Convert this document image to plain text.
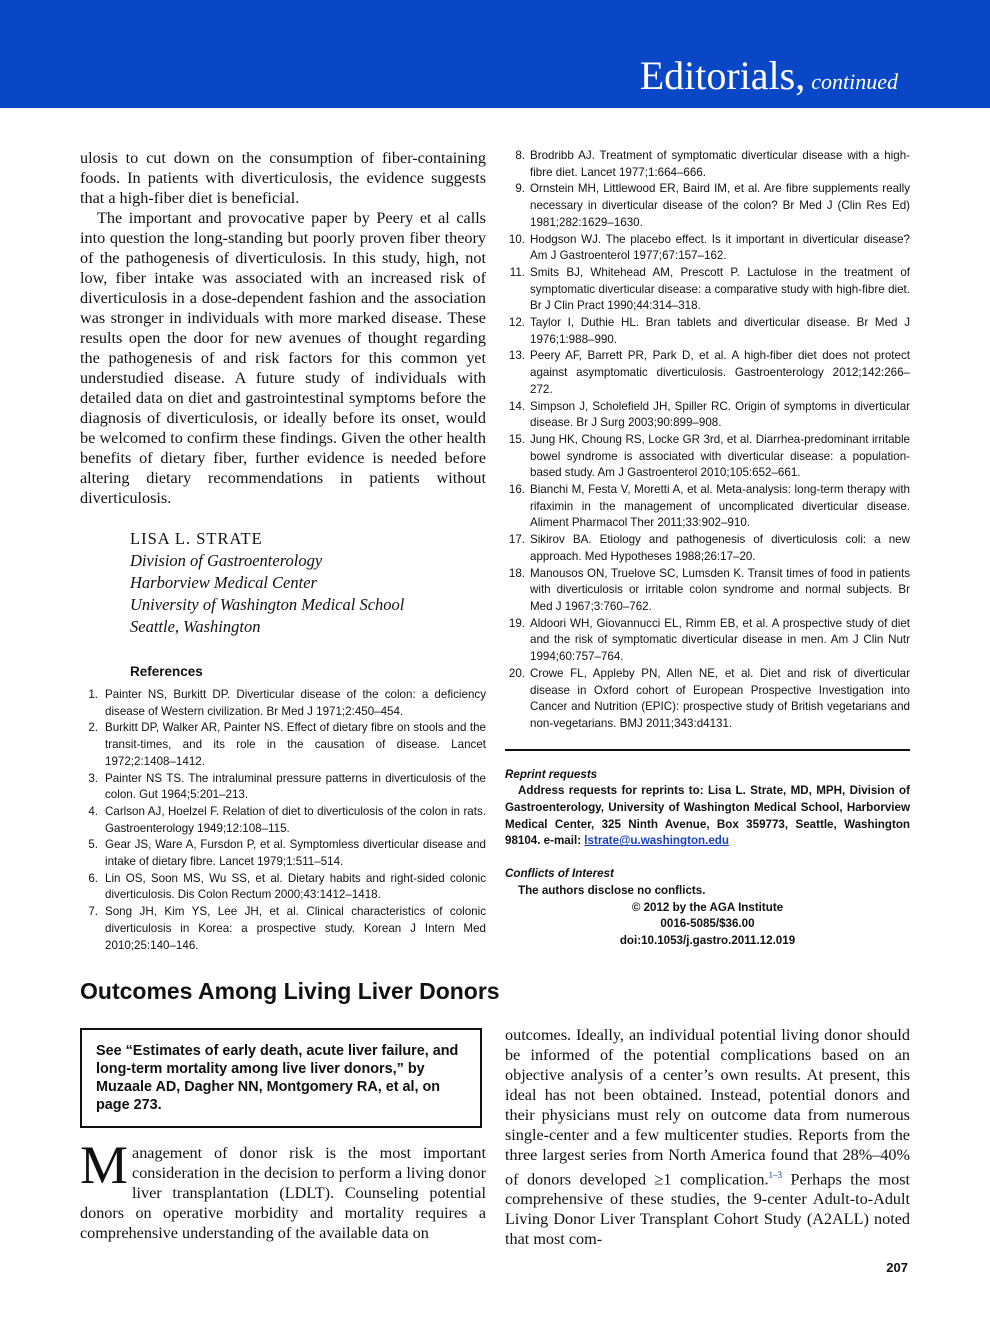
Editorials, continued

ulosis to cut down on the consumption of fiber-containing foods. In patients with diverticulosis, the evidence suggests that a high-fiber diet is beneficial.

The important and provocative paper by Peery et al calls into question the long-standing but poorly proven fiber theory of the pathogenesis of diverticulosis. In this study, high, not low, fiber intake was associated with an increased risk of diverticulosis in a dose-dependent fashion and the association was stronger in individuals with more marked disease. These results open the door for new avenues of thought regarding the pathogenesis of and risk factors for this common yet understudied disease. A future study of individuals with detailed data on diet and gastrointestinal symptoms before the diagnosis of diverticulosis, or ideally before its onset, would be welcomed to confirm these findings. Given the other health benefits of dietary fiber, further evidence is needed before altering dietary recommendations in patients without diverticulosis.

LISA L. STRATE
Division of Gastroenterology
Harborview Medical Center
University of Washington Medical School
Seattle, Washington
References
1. Painter NS, Burkitt DP. Diverticular disease of the colon: a deficiency disease of Western civilization. Br Med J 1971;2:450–454.
2. Burkitt DP, Walker AR, Painter NS. Effect of dietary fibre on stools and the transit-times, and its role in the causation of disease. Lancet 1972;2:1408–1412.
3. Painter NS TS. The intraluminal pressure patterns in diverticulosis of the colon. Gut 1964;5:201–213.
4. Carlson AJ, Hoelzel F. Relation of diet to diverticulosis of the colon in rats. Gastroenterology 1949;12:108–115.
5. Gear JS, Ware A, Fursdon P, et al. Symptomless diverticular disease and intake of dietary fibre. Lancet 1979;1:511–514.
6. Lin OS, Soon MS, Wu SS, et al. Dietary habits and right-sided colonic diverticulosis. Dis Colon Rectum 2000;43:1412–1418.
7. Song JH, Kim YS, Lee JH, et al. Clinical characteristics of colonic diverticulosis in Korea: a prospective study. Korean J Intern Med 2010;25:140–146.
8. Brodribb AJ. Treatment of symptomatic diverticular disease with a high-fibre diet. Lancet 1977;1:664–666.
9. Ornstein MH, Littlewood ER, Baird IM, et al. Are fibre supplements really necessary in diverticular disease of the colon? Br Med J (Clin Res Ed) 1981;282:1629–1630.
10. Hodgson WJ. The placebo effect. Is it important in diverticular disease? Am J Gastroenterol 1977;67:157–162.
11. Smits BJ, Whitehead AM, Prescott P. Lactulose in the treatment of symptomatic diverticular disease: a comparative study with high-fibre diet. Br J Clin Pract 1990;44:314–318.
12. Taylor I, Duthie HL. Bran tablets and diverticular disease. Br Med J 1976;1:988–990.
13. Peery AF, Barrett PR, Park D, et al. A high-fiber diet does not protect against asymptomatic diverticulosis. Gastroenterology 2012;142:266–272.
14. Simpson J, Scholefield JH, Spiller RC. Origin of symptoms in diverticular disease. Br J Surg 2003;90:899–908.
15. Jung HK, Choung RS, Locke GR 3rd, et al. Diarrhea-predominant irritable bowel syndrome is associated with diverticular disease: a population-based study. Am J Gastroenterol 2010;105:652–661.
16. Bianchi M, Festa V, Moretti A, et al. Meta-analysis: long-term therapy with rifaximin in the management of uncomplicated diverticular disease. Aliment Pharmacol Ther 2011;33:902–910.
17. Sikirov BA. Etiology and pathogenesis of diverticulosis coli: a new approach. Med Hypotheses 1988;26:17–20.
18. Manousos ON, Truelove SC, Lumsden K. Transit times of food in patients with diverticulosis or irritable colon syndrome and normal subjects. Br Med J 1967;3:760–762.
19. Aldoori WH, Giovannucci EL, Rimm EB, et al. A prospective study of diet and the risk of symptomatic diverticular disease in men. Am J Clin Nutr 1994;60:757–764.
20. Crowe FL, Appleby PN, Allen NE, et al. Diet and risk of diverticular disease in Oxford cohort of European Prospective Investigation into Cancer and Nutrition (EPIC): prospective study of British vegetarians and non-vegetarians. BMJ 2011;343:d4131.
Reprint requests

Address requests for reprints to: Lisa L. Strate, MD, MPH, Division of Gastroenterology, University of Washington Medical School, Harborview Medical Center, 325 Ninth Avenue, Box 359773, Seattle, Washington 98104. e-mail: lstrate@u.washington.edu

Conflicts of Interest

The authors disclose no conflicts.

© 2012 by the AGA Institute

0016-5085/$36.00

doi:10.1053/j.gastro.2011.12.019

Outcomes Among Living Liver Donors
See “Estimates of early death, acute liver failure, and long-term mortality among live liver donors,” by Muzaale AD, Dagher NN, Montgomery RA, et al, on page 273.

Management of donor risk is the most important consideration in the decision to perform a living donor liver transplantation (LDLT). Counseling potential donors on operative morbidity and mortality requires a comprehensive understanding of the available data on

outcomes. Ideally, an individual potential living donor should be informed of the potential complications based on an objective analysis of a center’s own results. At present, this ideal has not been obtained. Instead, potential donors and their physicians must rely on outcome data from numerous single-center and a few multicenter studies. Reports from the three largest series from North America found that 28%–40% of donors developed ≥1 complication.$^{1-3}$ Perhaps the most comprehensive of these studies, the 9-center Adult-to-Adult Living Donor Liver Transplant Cohort Study (A2ALL) noted that most com-

207
